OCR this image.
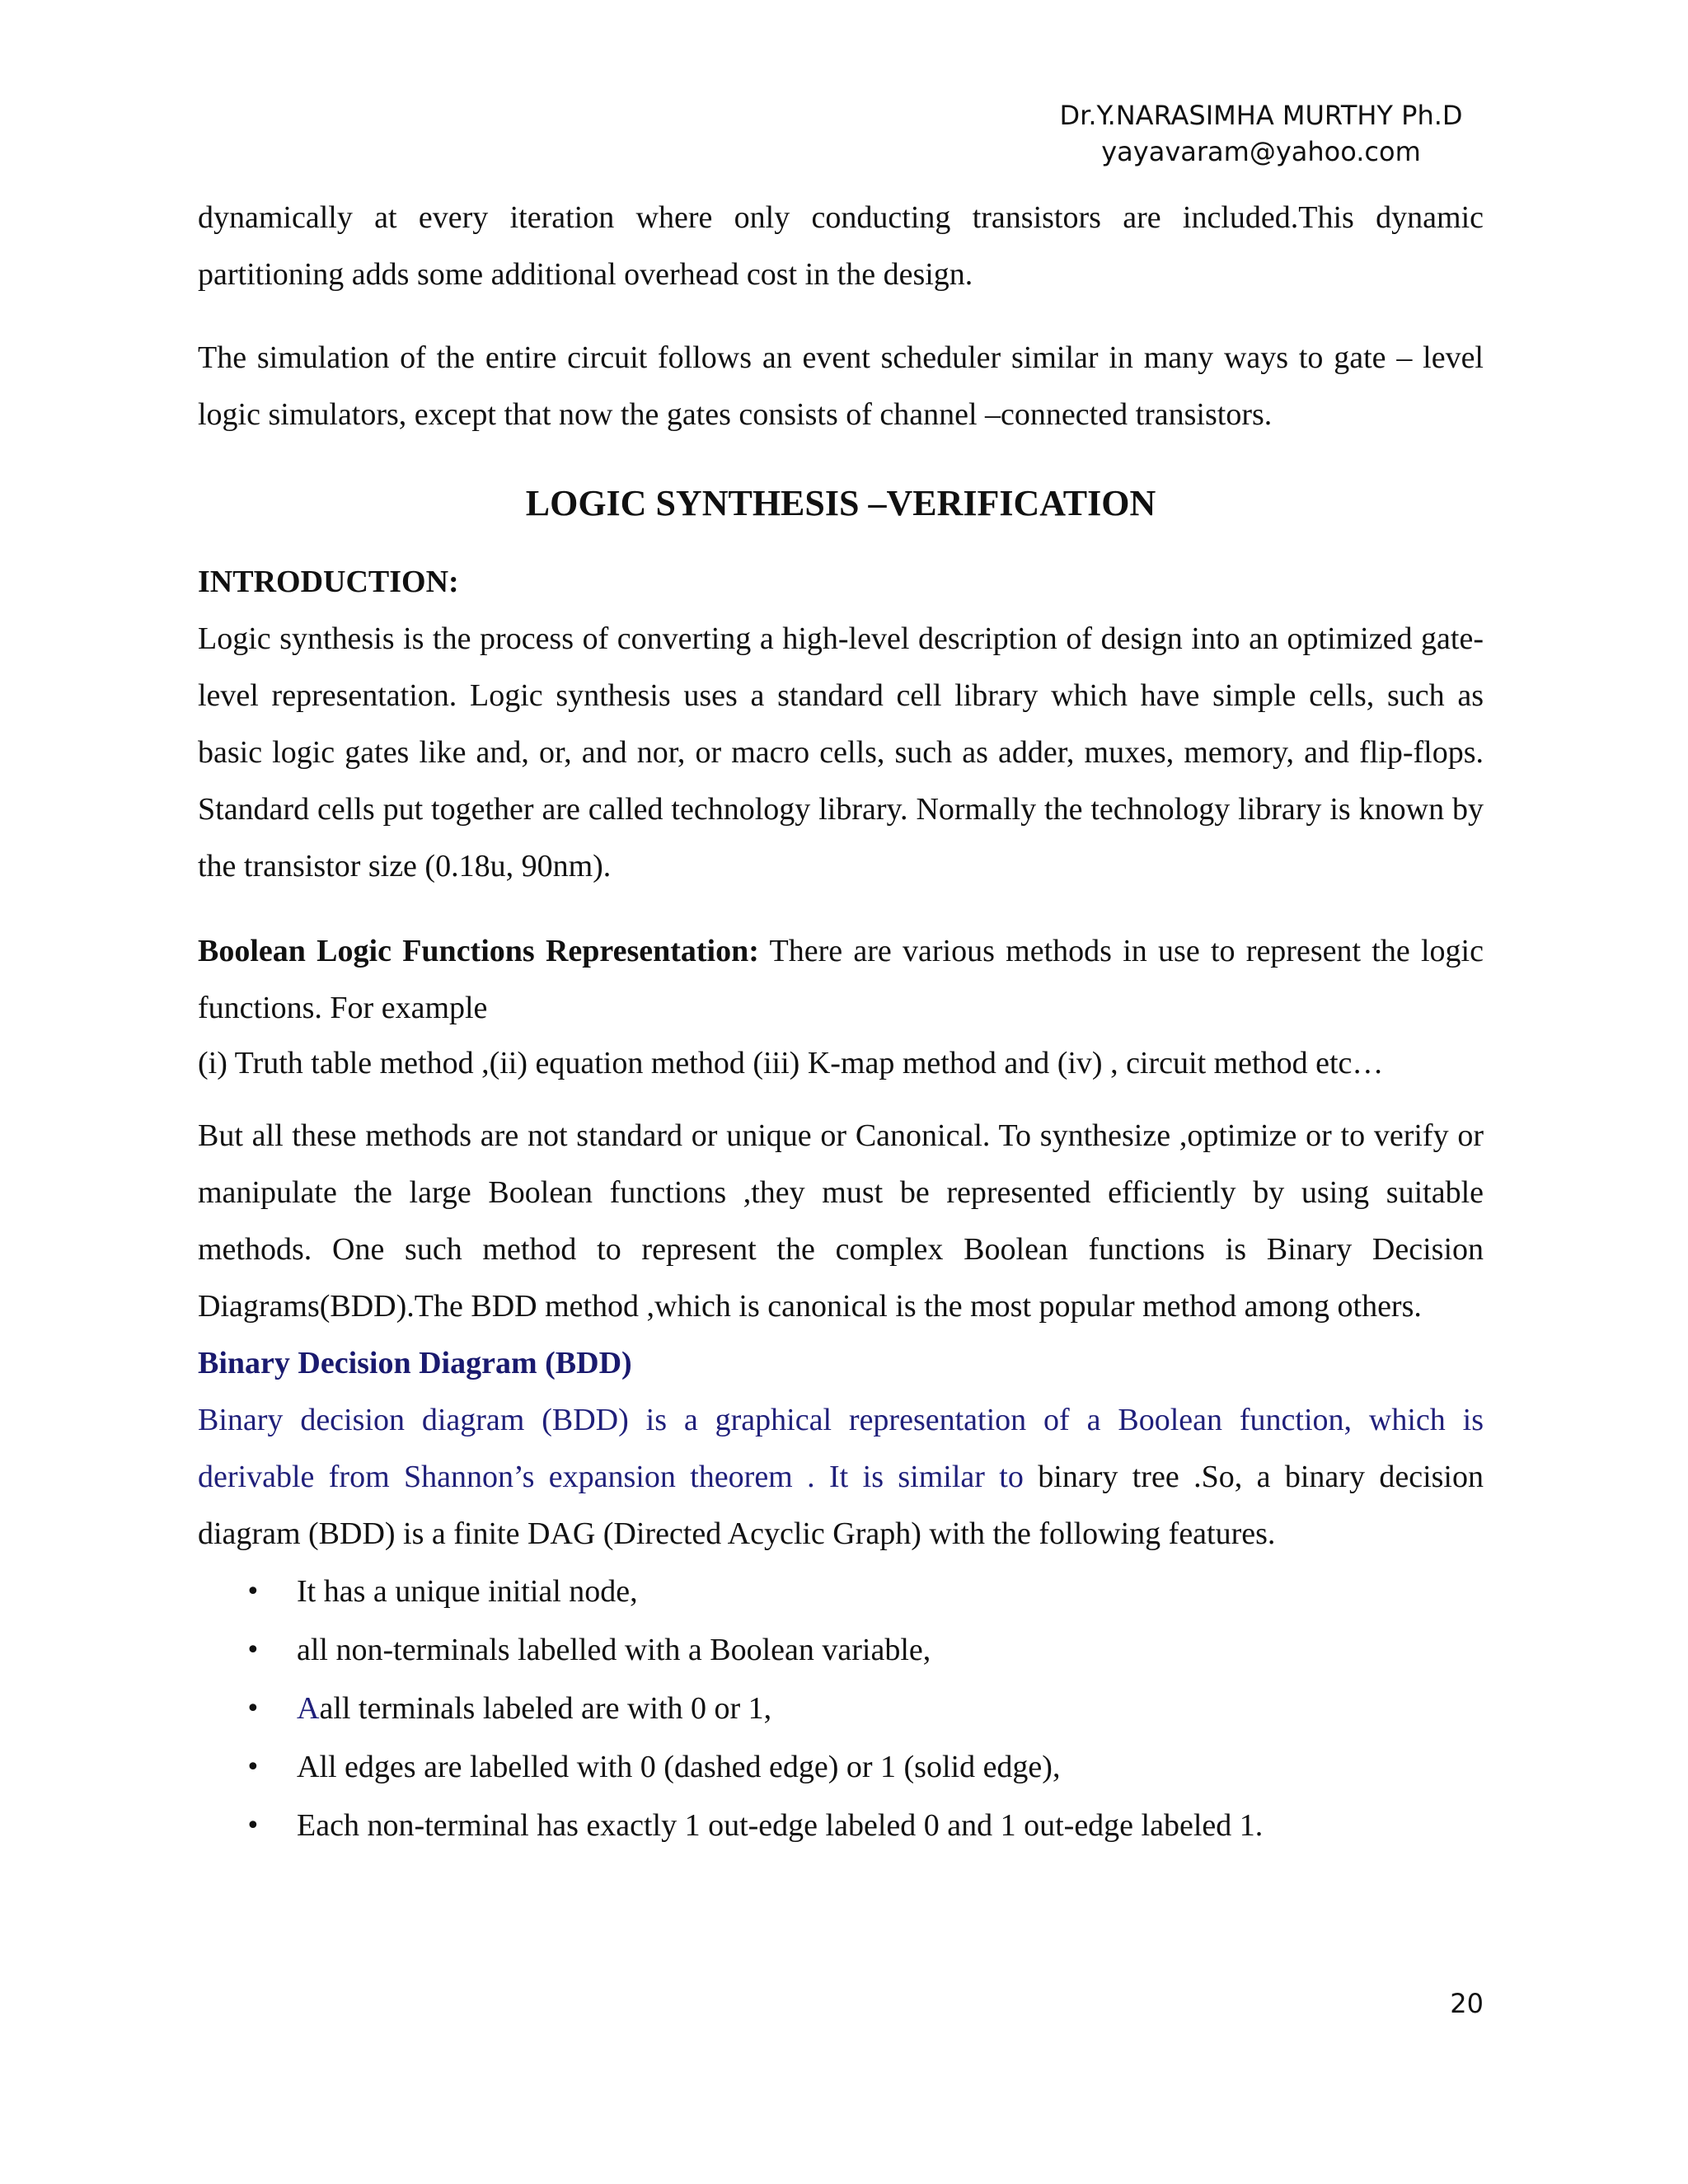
Dr.Y.NARASIMHA MURTHY Ph.D
yayavaram@yahoo.com

dynamically at every iteration where only conducting transistors are included.This dynamic partitioning adds some additional overhead cost in the design.

The simulation of the entire circuit follows an event scheduler similar in many ways to gate – level logic simulators, except that now the gates consists of channel –connected transistors.

LOGIC SYNTHESIS –VERIFICATION
INTRODUCTION:

Logic synthesis is the process of converting a high-level description of design into an optimized gate-level representation. Logic synthesis uses a standard cell library which have simple cells, such as basic logic gates like and, or, and nor, or macro cells, such as adder, muxes, memory, and flip-flops. Standard cells put together are called technology library. Normally the technology library is known by the transistor size (0.18u, 90nm).

Boolean Logic Functions Representation: There are various methods in use to represent the logic functions. For example

(i) Truth table method ,(ii) equation method (iii) K-map method and (iv) , circuit method etc…

But all these methods are not standard or unique or Canonical. To synthesize ,optimize or to verify or manipulate the large Boolean functions ,they must be represented efficiently by using suitable methods. One such method to represent the complex Boolean functions is Binary Decision Diagrams(BDD).The BDD method ,which is canonical is the most popular method among others.

Binary Decision Diagram (BDD)

Binary decision diagram (BDD) is a graphical representation of a Boolean function, which is derivable from Shannon’s expansion theorem . It is similar to binary tree .So, a binary decision diagram (BDD) is a finite DAG (Directed Acyclic Graph) with the following features.

• It has a unique initial node,
• all non-terminals labelled with a Boolean variable,
• Aall terminals labeled are with 0 or 1,
• All edges are labelled with 0 (dashed edge) or 1 (solid edge),
• Each non-terminal has exactly 1 out-edge labeled 0 and 1 out-edge labeled 1.
20
